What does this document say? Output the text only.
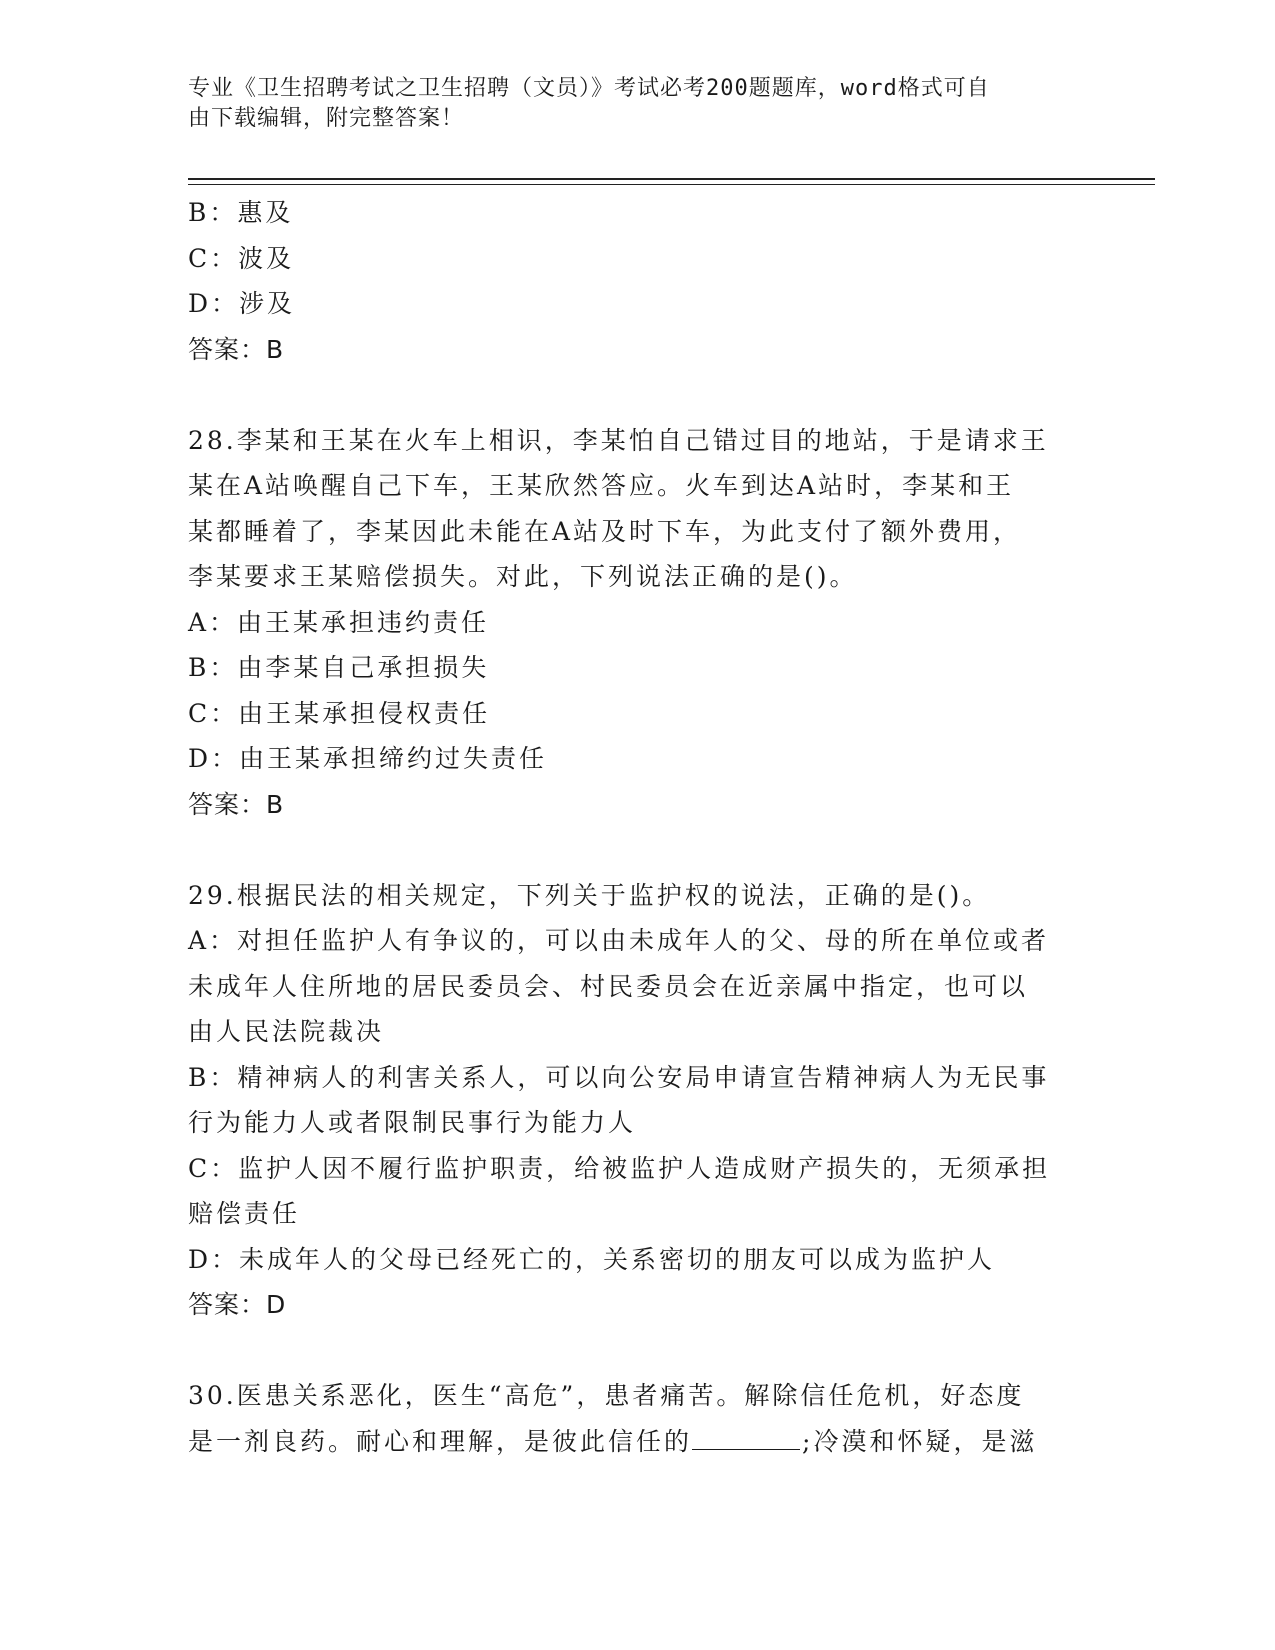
专业《卫生招聘考试之卫生招聘（文员）》考试必考200题题库，word格式可自
由下载编辑，附完整答案！
B：惠及
C：波及
D：涉及
答案：B
28.李某和王某在火车上相识，李某怕自己错过目的地站，于是请求王
某在A站唤醒自己下车，王某欣然答应。火车到达A站时，李某和王
某都睡着了，李某因此未能在A站及时下车，为此支付了额外费用，
李某要求王某赔偿损失。对此，下列说法正确的是()。
A：由王某承担违约责任
B：由李某自己承担损失
C：由王某承担侵权责任
D：由王某承担缔约过失责任
答案：B
29.根据民法的相关规定，下列关于监护权的说法，正确的是()。
A：对担任监护人有争议的，可以由未成年人的父、母的所在单位或者
未成年人住所地的居民委员会、村民委员会在近亲属中指定，也可以
由人民法院裁决
B：精神病人的利害关系人，可以向公安局申请宣告精神病人为无民事
行为能力人或者限制民事行为能力人
C：监护人因不履行监护职责，给被监护人造成财产损失的，无须承担
赔偿责任
D：未成年人的父母已经死亡的，关系密切的朋友可以成为监护人
答案：D
30.医患关系恶化，医生“高危”，患者痛苦。解除信任危机，好态度
是一剂良药。耐心和理解，是彼此信任的	;冷漠和怀疑，是滋
